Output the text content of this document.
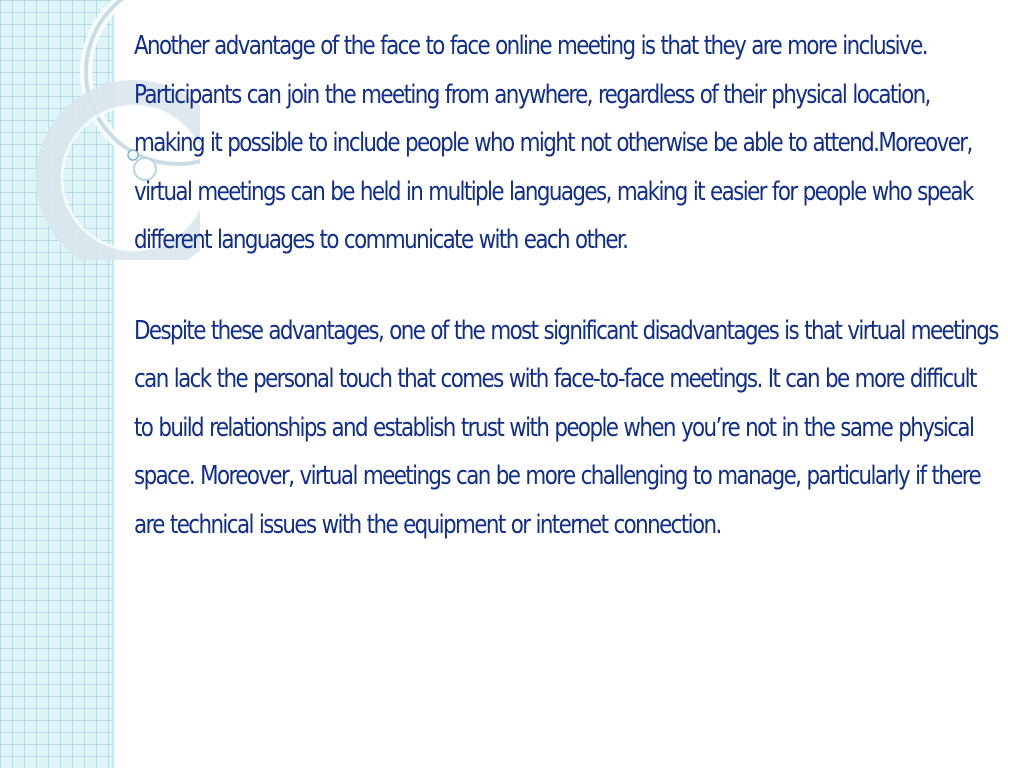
Another advantage of the face to face online meeting is that they are more inclusive. Participants can join the meeting from anywhere, regardless of their physical location, making it possible to include people who might not otherwise be able to attend.Moreover, virtual meetings can be held in multiple languages, making it easier for people who speak different languages to communicate with each other.

Despite these advantages, one of the most significant disadvantages is that virtual meetings can lack the personal touch that comes with face-to-face meetings. It can be more difficult to build relationships and establish trust with people when you’re not in the same physical space. Moreover, virtual meetings can be more challenging to manage, particularly if there are technical issues with the equipment or internet connection.
